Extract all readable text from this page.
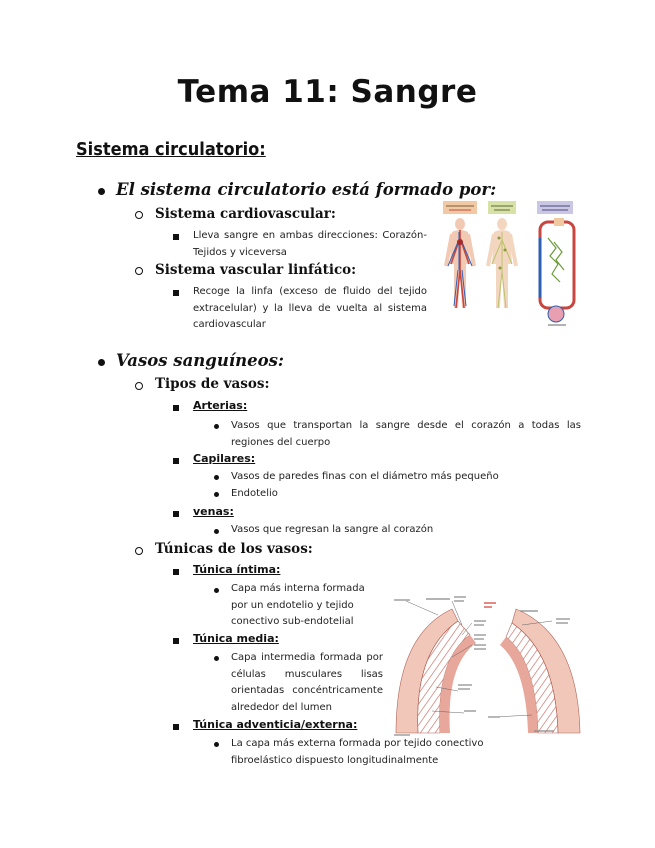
Tema 11: Sangre
Sistema circulatorio:
El sistema circulatorio está formado por:
Sistema cardiovascular:
Lleva sangre en ambas direcciones: Corazón-Tejidos y viceversa
Sistema vascular linfático:
Recoge la linfa (exceso de fluido del tejido extracelular) y la lleva de vuelta al sistema cardiovascular
Vasos sanguíneos:
Tipos de vasos:
Arterias:
Vasos que transportan la sangre desde el corazón a todas las regiones del cuerpo
Capilares:
Vasos de paredes finas con el diámetro más pequeño
Endotelio
venas:
Vasos que regresan la sangre al corazón
Túnicas de los vasos:
Túnica íntima:
Capa más interna formada por un endotelio y tejido conectivo sub-endotelial
Túnica media:
Capa intermedia formada por células musculares lisas orientadas concéntricamente alrededor del lumen
Túnica adventicia/externa:
La capa más externa formada por tejido conectivo fibroelástico dispuesto longitudinalmente
